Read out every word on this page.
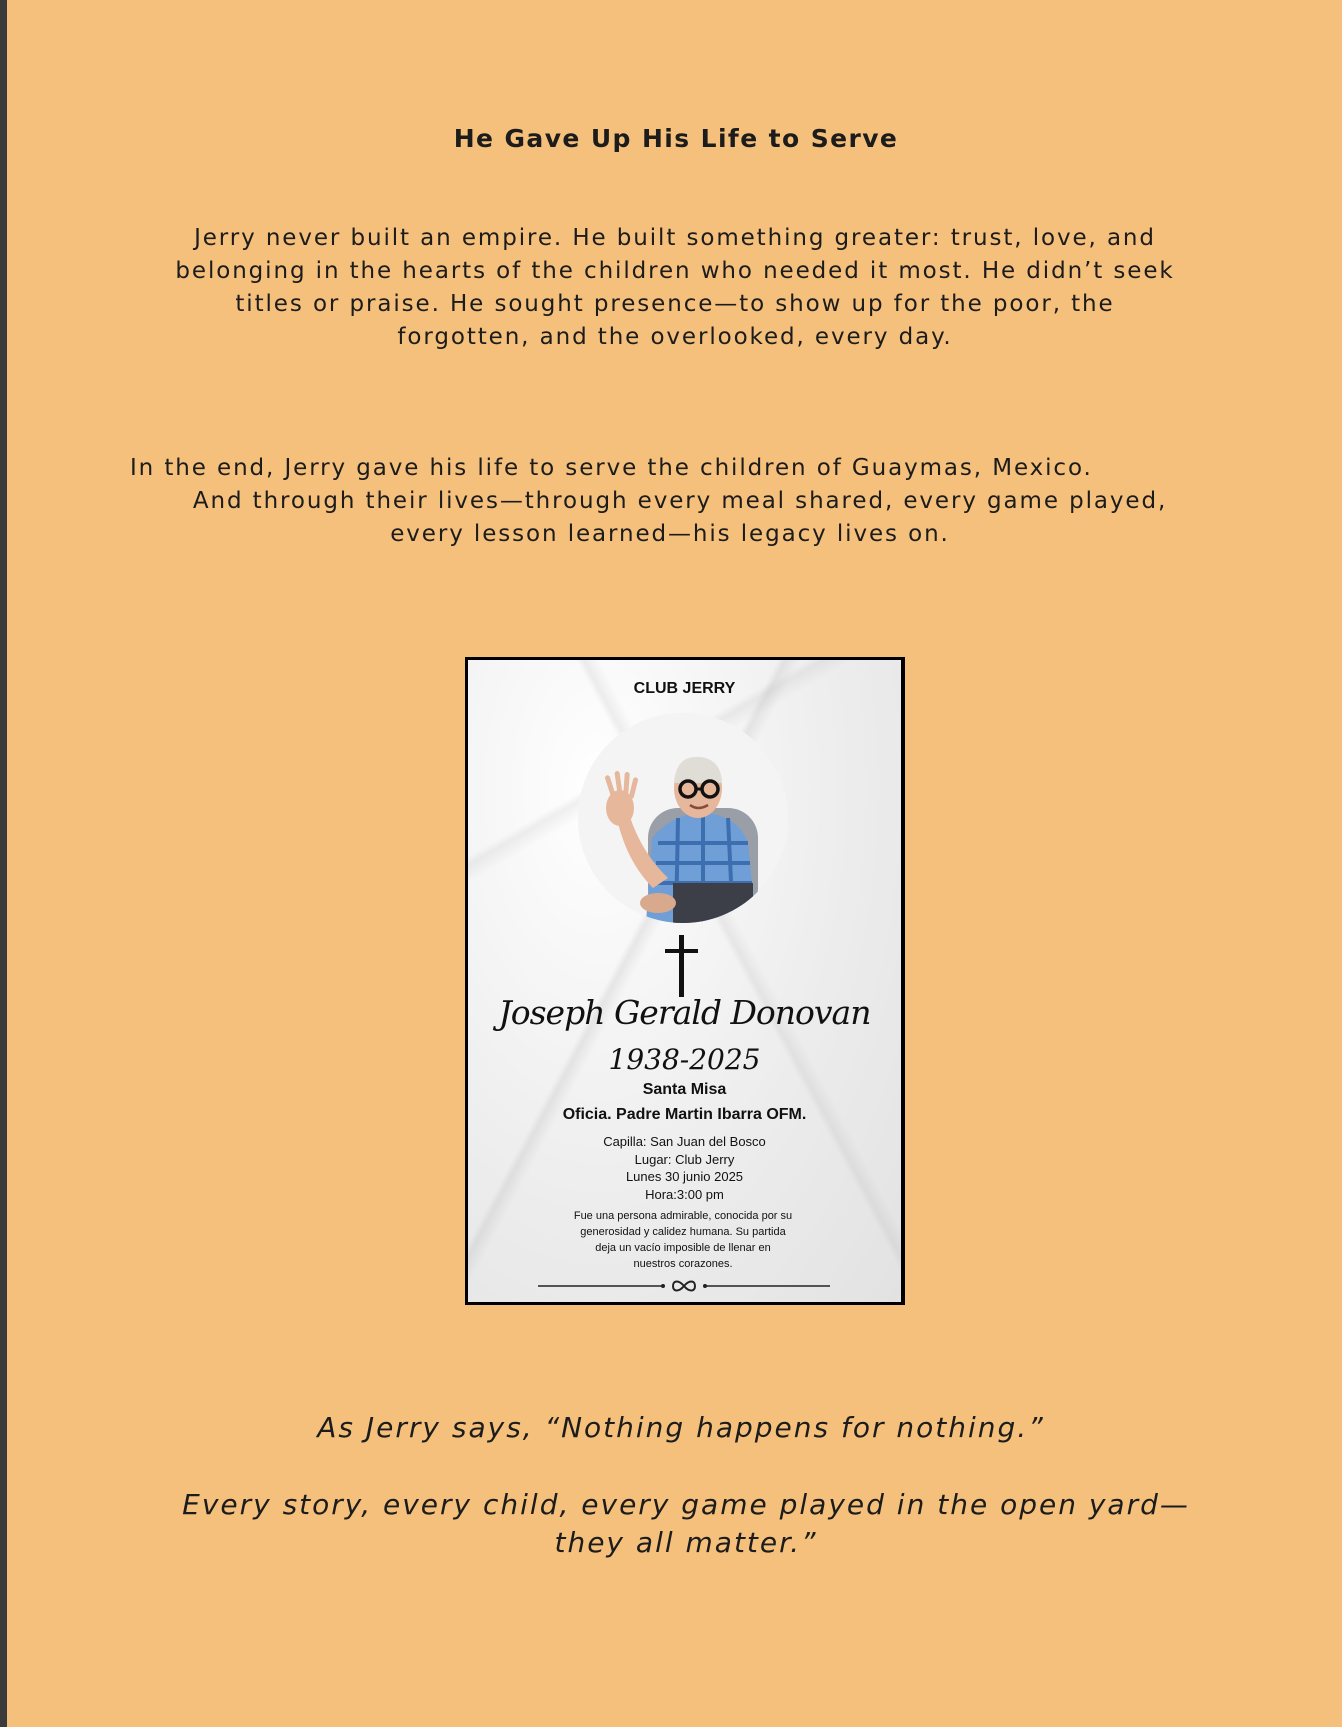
He Gave Up His Life to Serve

Jerry never built an empire. He built something greater: trust, love, and
belonging in the hearts of the children who needed it most. He didn’t seek
titles or praise. He sought presence—to show up for the poor, the
forgotten, and the overlooked, every day.

In the end, Jerry gave his life to serve the children of Guaymas, Mexico.
And through their lives—through every meal shared, every game played,
every lesson learned—his legacy lives on.

CLUB JERRY
Joseph Gerald Donovan
1938-2025
Santa Misa
Oficia. Padre Martin Ibarra OFM.
Capilla: San Juan del Bosco
Lugar: Club Jerry
Lunes 30 junio 2025
Hora:3:00 pm
Fue una persona admirable, conocida por su
generosidad y calidez humana. Su partida
deja un vacío imposible de llenar en
nuestros corazones.

As Jerry says, “Nothing happens for nothing.”

Every story, every child, every game played in the open yard—
they all matter.”
